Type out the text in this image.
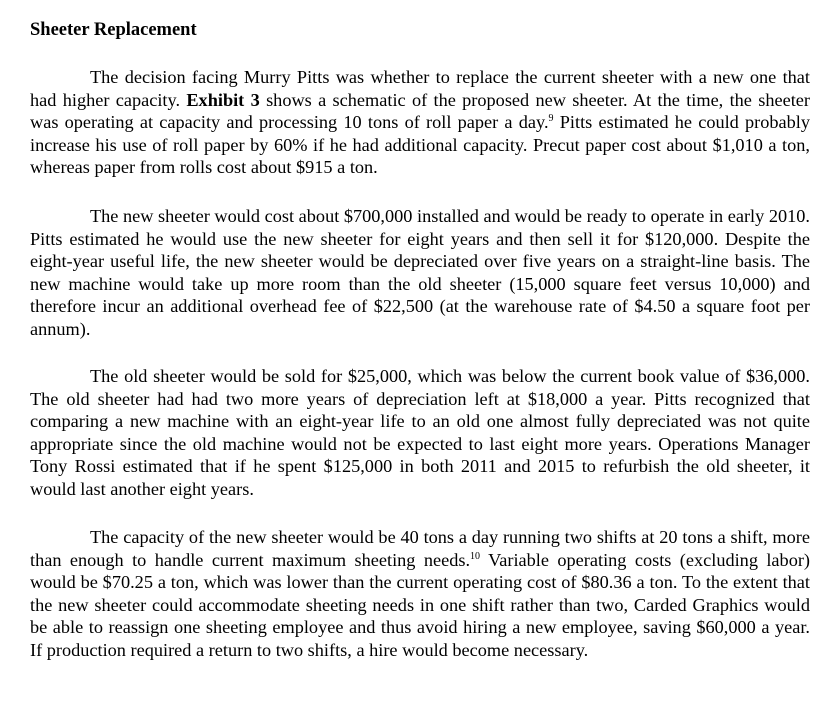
Sheeter Replacement

The decision facing Murry Pitts was whether to replace the current sheeter with a new one that had higher capacity. Exhibit 3 shows a schematic of the proposed new sheeter. At the time, the sheeter was operating at capacity and processing 10 tons of roll paper a day.$^9$ Pitts estimated he could probably increase his use of roll paper by 60% if he had additional capacity. Precut paper cost about $1,010 a ton, whereas paper from rolls cost about $915 a ton.

The new sheeter would cost about $700,000 installed and would be ready to operate in early 2010. Pitts estimated he would use the new sheeter for eight years and then sell it for $120,000. Despite the eight-year useful life, the new sheeter would be depreciated over five years on a straight-line basis. The new machine would take up more room than the old sheeter (15,000 square feet versus 10,000) and therefore incur an additional overhead fee of $22,500 (at the warehouse rate of $4.50 a square foot per annum).

The old sheeter would be sold for $25,000, which was below the current book value of $36,000. The old sheeter had had two more years of depreciation left at $18,000 a year. Pitts recognized that comparing a new machine with an eight-year life to an old one almost fully depreciated was not quite appropriate since the old machine would not be expected to last eight more years. Operations Manager Tony Rossi estimated that if he spent $125,000 in both 2011 and 2015 to refurbish the old sheeter, it would last another eight years.

The capacity of the new sheeter would be 40 tons a day running two shifts at 20 tons a shift, more than enough to handle current maximum sheeting needs.$^{10}$ Variable operating costs (excluding labor) would be $70.25 a ton, which was lower than the current operating cost of $80.36 a ton. To the extent that the new sheeter could accommodate sheeting needs in one shift rather than two, Carded Graphics would be able to reassign one sheeting employee and thus avoid hiring a new employee, saving $60,000 a year. If production required a return to two shifts, a hire would become necessary.
